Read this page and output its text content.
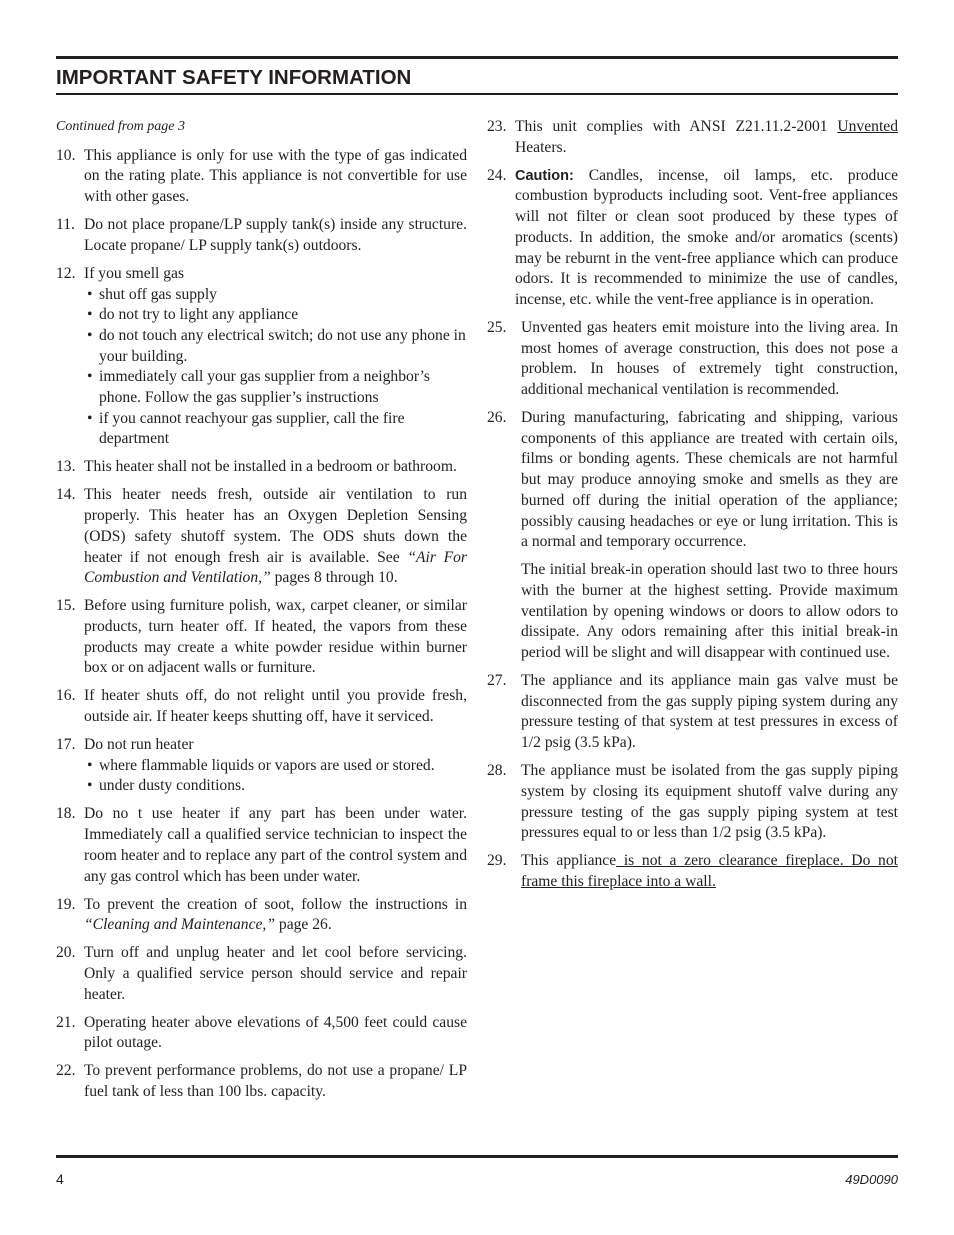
IMPORTANT SAFETY INFORMATION

Continued from page 3

10. This appliance is only for use with the type of gas indicated on the rating plate. This appliance is not convertible for use with other gases.
11. Do not place propane/LP supply tank(s) inside any structure. Locate propane/ LP supply tank(s) outdoors.
12. If you smell gas
• shut off gas supply
• do not try to light any appliance
• do not touch any electrical switch; do not use any phone in your building.
• immediately call your gas supplier from a neighbor’s phone. Follow the gas supplier’s instructions
• if you cannot reachyour gas supplier, call the fire department
13. This heater shall not be installed in a bedroom or bathroom.
14. This heater needs fresh, outside air ventilation to run properly. This heater has an Oxygen Depletion Sensing (ODS) safety shutoff system. The ODS shuts down the heater if not enough fresh air is available. See “Air For Combustion and Ventilation,” pages 8 through 10.
15. Before using furniture polish, wax, carpet cleaner, or similar products, turn heater off. If heated, the vapors from these products may create a white powder residue within burner box or on adjacent walls or furniture.
16. If heater shuts off, do not relight until you provide fresh, outside air. If heater keeps shutting off, have it serviced.
17. Do not run heater
• where flammable liquids or vapors are used or stored.
• under dusty conditions.
18. Do no t use heater if any part has been under water. Immediately call a qualified service technician to inspect the room heater and to replace any part of the control system and any gas control which has been under water.
19. To prevent the creation of soot, follow the instructions in “Cleaning and Maintenance,” page 26.
20. Turn off and unplug heater and let cool before servicing. Only a qualified service person should service and repair heater.
21. Operating heater above elevations of 4,500 feet could cause pilot outage.
22. To prevent performance problems, do not use a propane/ LP fuel tank of less than 100 lbs. capacity.
23. This unit complies with ANSI Z21.11.2-2001 Unvented Heaters.
24. Caution: Candles, incense, oil lamps, etc. produce combustion byproducts including soot. Vent-free appliances will not filter or clean soot produced by these types of products. In addition, the smoke and/or aromatics (scents) may be reburnt in the vent-free appliance which can produce odors. It is recommended to minimize the use of candles, incense, etc. while the vent-free appliance is in operation.
25. Unvented gas heaters emit moisture into the living area. In most homes of average construction, this does not pose a problem. In houses of extremely tight construction, additional mechanical ventilation is recommended.
26. During manufacturing, fabricating and shipping, various components of this appliance are treated with certain oils, films or bonding agents. These chemicals are not harmful but may produce annoying smoke and smells as they are burned off during the initial operation of the appliance; possibly causing headaches or eye or lung irritation. This is a normal and temporary occurrence.

The initial break-in operation should last two to three hours with the burner at the highest setting. Provide maximum ventilation by opening windows or doors to allow odors to dissipate. Any odors remaining after this initial break-in period will be slight and will disappear with continued use.

27. The appliance and its appliance main gas valve must be disconnected from the gas supply piping system during any pressure testing of that system at test pressures in excess of 1/2 psig (3.5 kPa).
28. The appliance must be isolated from the gas supply piping system by closing its equipment shutoff valve during any pressure testing of the gas supply piping system at test pressures equal to or less than 1/2 psig (3.5 kPa).
29. This appliance is not a zero clearance fireplace. Do not frame this fireplace into a wall.
4	49D0090
